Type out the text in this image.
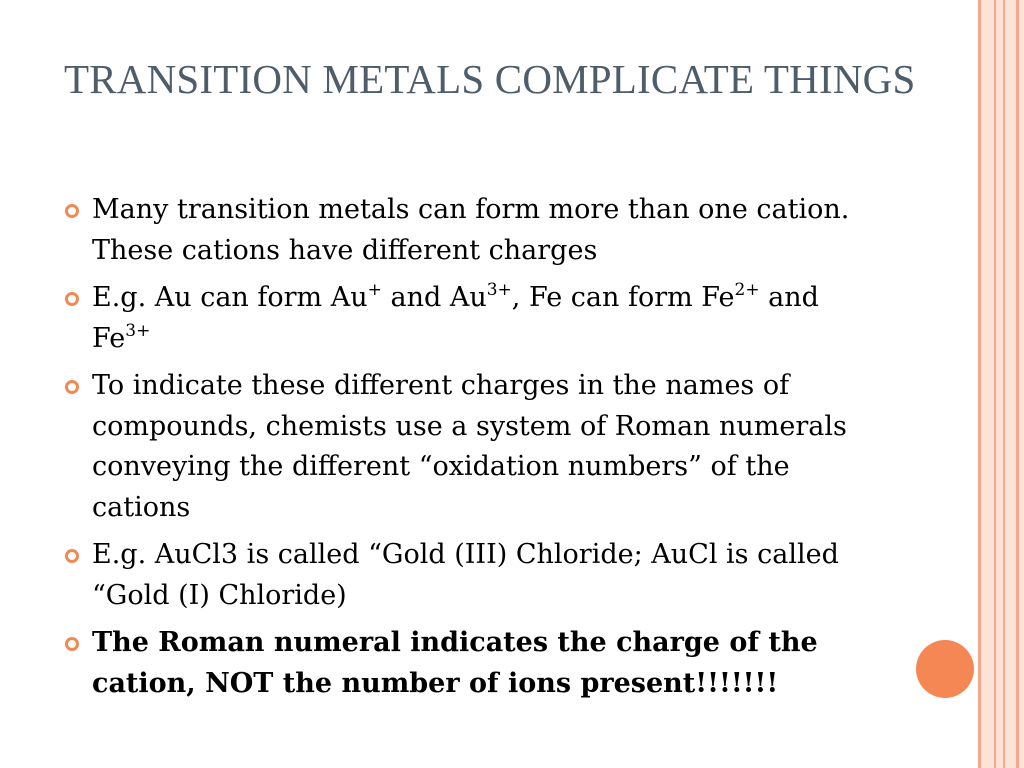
TRANSITION METALS COMPLICATE THINGS
Many transition metals can form more than one cation. These cations have different charges
E.g. Au can form Au+ and $Au^{3+}$, Fe can form $Fe^{2+}$ and $Fe^{3+}$
To indicate these different charges in the names of compounds, chemists use a system of Roman numerals conveying the different “oxidation numbers” of the cations
E.g. AuCl3 is called “Gold (III) Chloride; AuCl is called “Gold (I) Chloride)
The Roman numeral indicates the charge of the cation, NOT the number of ions present!!!!!!!
